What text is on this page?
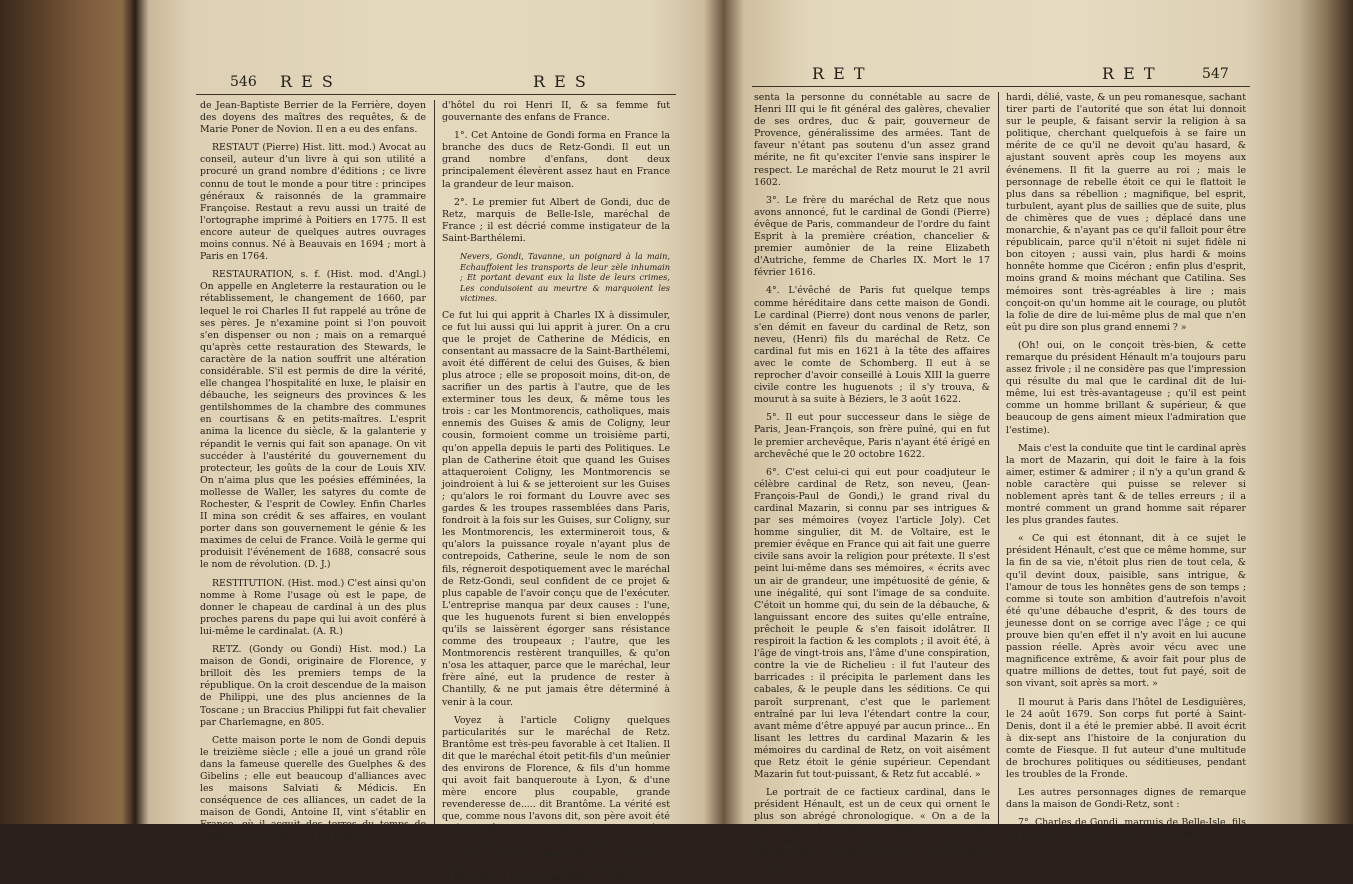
546 R E S	R E S

de Jean-Baptiste Berrier de la Ferrière, doyen des doyens des maîtres des requêtes, & de Marie Poner de Novion. Il en a eu des enfans.

RESTAUT (Pierre) Hist. litt. mod.) Avocat au conseil, auteur d'un livre à qui son utilité a procuré un grand nombre d'éditions ; ce livre connu de tout le monde a pour titre : principes généraux & raisonnés de la grammaire Françoise. Restaut a revu aussi un traité de l'ortographe imprimé à Poitiers en 1775. Il est encore auteur de quelques autres ouvrages moins connus. Né à Beauvais en 1694 ; mort à Paris en 1764.

RESTAURATION, s. f. (Hist. mod. d'Angl.) On appelle en Angleterre la restauration ou le rétablissement, le changement de 1660, par lequel le roi Charles II fut rappelé au trône de ses pères. Je n'examine point si l'on pouvoit s'en dispenser ou non ; mais on a remarqué qu'après cette restauration des Stewards, le caractère de la nation souffrit une altération considérable. S'il est permis de dire la vérité, elle changea l'hospitalité en luxe, le plaisir en débauche, les seigneurs des provinces & les gentilshommes de la chambre des communes en courtisans & en petits-maîtres. L'esprit anima la licence du siècle, & la galanterie y répandit le vernis qui fait son apanage. On vit succéder à l'austérité du gouvernement du protecteur, les goûts de la cour de Louis XIV. On n'aima plus que les poésies efféminées, la mollesse de Waller, les satyres du comte de Rochester, & l'esprit de Cowley. Enfin Charles II mina son crédit & ses affaires, en voulant porter dans son gouvernement le génie & les maximes de celui de France. Voilà le germe qui produisit l'événement de 1688, consacré sous le nom de révolution. (D. J.)

RESTITUTION. (Hist. mod.) C'est ainsi qu'on nomme à Rome l'usage où est le pape, de donner le chapeau de cardinal à un des plus proches parens du pape qui lui avoit conféré à lui-même le cardinalat. (A. R.)

RETZ. (Gondy ou Gondi) Hist. mod.) La maison de Gondi, originaire de Florence, y brilloit dès les premiers temps de la république. On la croit descendue de la maison de Philippi, une des plus anciennes de la Toscane ; un Braccius Philippi fut fait chevalier par Charlemagne, en 805.

Cette maison porte le nom de Gondi depuis le treizième siècle ; elle a joué un grand rôle dans la fameuse querelle des Guelphes & des Gibelins ; elle eut beaucoup d'alliances avec les maisons Salviati & Médicis. En conséquence de ces alliances, un cadet de la maison de Gondi, Antoine II, vint s'établir en France, où il acquit des terres du temps de Catherine de Médicis. Il fut maître-

d'hôtel du roi Henri II, & sa femme fut gouvernante des enfans de France.

1°. Cet Antoine de Gondi forma en France la branche des ducs de Retz-Gondi. Il eut un grand nombre d'enfans, dont deux principalement élevèrent assez haut en France la grandeur de leur maison.

2°. Le premier fut Albert de Gondi, duc de Retz, marquis de Belle-Isle, maréchal de France ; il est décrié comme instigateur de la Saint-Barthélemi.

Nevers, Gondi, Tavanne, un poignard à la main, Echauffoient les transports de leur zèle inhumain ; Et portant devant eux la liste de leurs crimes, Les conduisoient au meurtre & marquoient les victimes.

Ce fut lui qui apprit à Charles IX à dissimuler, ce fut lui aussi qui lui apprit à jurer. On a cru que le projet de Catherine de Médicis, en consentant au massacre de la Saint-Barthélemi, avoit été différent de celui des Guises, & bien plus atroce ; elle se proposoit moins, dit-on, de sacrifier un des partis à l'autre, que de les exterminer tous les deux, & même tous les trois : car les Montmorencis, catholiques, mais ennemis des Guises & amis de Coligny, leur cousin, formoient comme un troisième parti, qu'on appella depuis le parti des Politiques. Le plan de Catherine étoit que quand les Guises attaqueroient Coligny, les Montmorencis se joindroient à lui & se jetteroient sur les Guises ; qu'alors le roi formant du Louvre avec ses gardes & les troupes rassemblées dans Paris, fondroit à la fois sur les Guises, sur Coligny, sur les Montmorencis, les extermineroit tous, & qu'alors la puissance royale n'ayant plus de contrepoids, Catherine, seule le nom de son fils, régneroit despotiquement avec le maréchal de Retz-Gondi, seul confident de ce projet & plus capable de l'avoir conçu que de l'exécuter. L'entreprise manqua par deux causes : l'une, que les huguenots furent si bien enveloppés qu'ils se laissèrent égorger sans résistance comme des troupeaux ; l'autre, que les Montmorencis restèrent tranquilles, & qu'on n'osa les attaquer, parce que le maréchal, leur frère aîné, eut la prudence de rester à Chantilly, & ne put jamais être déterminé à venir à la cour.

Voyez à l'article Coligny quelques particularités sur le maréchal de Retz. Brantôme est très-peu favorable à cet Italien. Il dit que le maréchal étoit petit-fils d'un meûnier des environs de Florence, & fils d'un homme qui avoit fait banqueroute à Lyon, & d'une mère encore plus coupable, grande revenderesse de..... dit Brantôme. La vérité est que, comme nous l'avons dit, son père avoit été maître-d'hôtel de Henri II ; sa mère, gouvernante des enfans de France ; son ayeul, un des premiers magistrats de Florence. Charles IX le fit seul premier gentilhomme de la chambre & grand chambellan. Il répro-

R E T	R E T	547

senta la personne du connétable au sacre de Henri III qui le fit général des galères, chevalier de ses ordres, duc & pair, gouverneur de Provence, généralissime des armées. Tant de faveur n'étant pas soutenu d'un assez grand mérite, ne fit qu'exciter l'envie sans inspirer le respect. Le maréchal de Retz mourut le 21 avril 1602.

3°. Le frère du maréchal de Retz que nous avons annoncé, fut le cardinal de Gondi (Pierre) évêque de Paris, commandeur de l'ordre du faint Esprit à la première création, chancelier & premier aumônier de la reine Elizabeth d'Autriche, femme de Charles IX. Mort le 17 février 1616.

4°. L'évêché de Paris fut quelque temps comme héréditaire dans cette maison de Gondi. Le cardinal (Pierre) dont nous venons de parler, s'en démit en faveur du cardinal de Retz, son neveu, (Henri) fils du maréchal de Retz. Ce cardinal fut mis en 1621 à la tête des affaires avec le comte de Schomberg. Il eut à se reprocher d'avoir conseillé à Louis XIII la guerre civile contre les huguenots ; il s'y trouva, & mourut à sa suite à Béziers, le 3 août 1622.

5°. Il eut pour successeur dans le siège de Paris, Jean-François, son frère puîné, qui en fut le premier archevêque, Paris n'ayant été érigé en archevêché que le 20 octobre 1622.

6°. C'est celui-ci qui eut pour coadjuteur le célèbre cardinal de Retz, son neveu, (Jean-François-Paul de Gondi,) le grand rival du cardinal Mazarin, si connu par ses intrigues & par ses mémoires (voyez l'article Joly). Cet homme singulier, dit M. de Voltaire, est le premier évêque en France qui ait fait une guerre civile sans avoir la religion pour prétexte. Il s'est peint lui-même dans ses mémoires, « écrits avec un air de grandeur, une impétuosité de génie, & une inégalité, qui sont l'image de sa conduite. C'étoit un homme qui, du sein de la débauche, & languissant encore des suites qu'elle entraîne, prêchoit le peuple & s'en faisoit idolâtrer. Il respiroit la faction & les complots ; il avoit été, à l'âge de vingt-trois ans, l'âme d'une conspiration, contre la vie de Richelieu : il fut l'auteur des barricades : il précipita le parlement dans les cabales, & le peuple dans les séditions. Ce qui paroît surprenant, c'est que le parlement entraîné par lui leva l'étendart contre la cour, avant même d'être appuyé par aucun prince... En lisant les lettres du cardinal Mazarin & les mémoires du cardinal de Retz, on voit aisément que Retz étoit le génie supérieur. Cependant Mazarin fut tout-puissant, & Retz fut accablé. »

Le portrait de ce factieux cardinal, dans le président Hénault, est un de ceux qui ornent le plus son abrégé chronologique. « On a de la peine, dit-il, à comprendre comment un homme qui passa sa vie à cabaler, n'eut jamais de véritable objet. Il aimoit l'intrigue pour intriguer ; esprit

hardi, délié, vaste, & un peu romanesque, sachant tirer parti de l'autorité que son état lui donnoit sur le peuple, & faisant servir la religion à sa politique, cherchant quelquefois à se faire un mérite de ce qu'il ne devoit qu'au hasard, & ajustant souvent après coup les moyens aux événemens. Il fit la guerre au roi ; mais le personnage de rebelle étoit ce qui le flattoit le plus dans sa rébellion ; magnifique, bel esprit, turbulent, ayant plus de saillies que de suite, plus de chimères que de vues ; déplacé dans une monarchie, & n'ayant pas ce qu'il falloit pour être républicain, parce qu'il n'étoit ni sujet fidèle ni bon citoyen ; aussi vain, plus hardi & moins honnête homme que Cicéron ; enfin plus d'esprit, moins grand & moins méchant que Catilina. Ses mémoires sont très-agréables à lire ; mais conçoit-on qu'un homme ait le courage, ou plutôt la folie de dire de lui-même plus de mal que n'en eût pu dire son plus grand ennemi ? »

(Oh! oui, on le conçoit très-bien, & cette remarque du président Hénault m'a toujours paru assez frivole ; il ne considère pas que l'impression qui résulte du mal que le cardinal dit de lui-même, lui est très-avantageuse ; qu'il est peint comme un homme brillant & supérieur, & que beaucoup de gens aiment mieux l'admiration que l'estime).

Mais c'est la conduite que tint le cardinal après la mort de Mazarin, qui doit le faire à la fois aimer, estimer & admirer ; il n'y a qu'un grand & noble caractère qui puisse se relever si noblement après tant & de telles erreurs ; il a montré comment un grand homme sait réparer les plus grandes fautes.

« Ce qui est étonnant, dit à ce sujet le président Hénault, c'est que ce même homme, sur la fin de sa vie, n'étoit plus rien de tout cela, & qu'il devint doux, paisible, sans intrigue, & l'amour de tous les honnêtes gens de son temps ; comme si toute son ambition d'autrefois n'avoit été qu'une débauche d'esprit, & des tours de jeunesse dont on se corrige avec l'âge ; ce qui prouve bien qu'en effet il n'y avoit en lui aucune passion réelle. Après avoir vécu avec une magnificence extrême, & avoir fait pour plus de quatre millions de dettes, tout fut payé, soit de son vivant, soit après sa mort. »

Il mourut à Paris dans l'hôtel de Lesdiguières, le 24 août 1679. Son corps fut porté à Saint-Denis, dont il a été le premier abbé. Il avoit écrit à dix-sept ans l'histoire de la conjuration du comte de Fiesque. Il fut auteur d'une multitude de brochures politiques ou séditieuses, pendant les troubles de la Fronde.

Les autres personnages dignes de remarque dans la maison de Gondi-Retz, sont :

7°. Charles de Gondi, marquis de Belle-Isle, fils du maréchal de Retz, né en 1569, nommé, en

Zzzz
